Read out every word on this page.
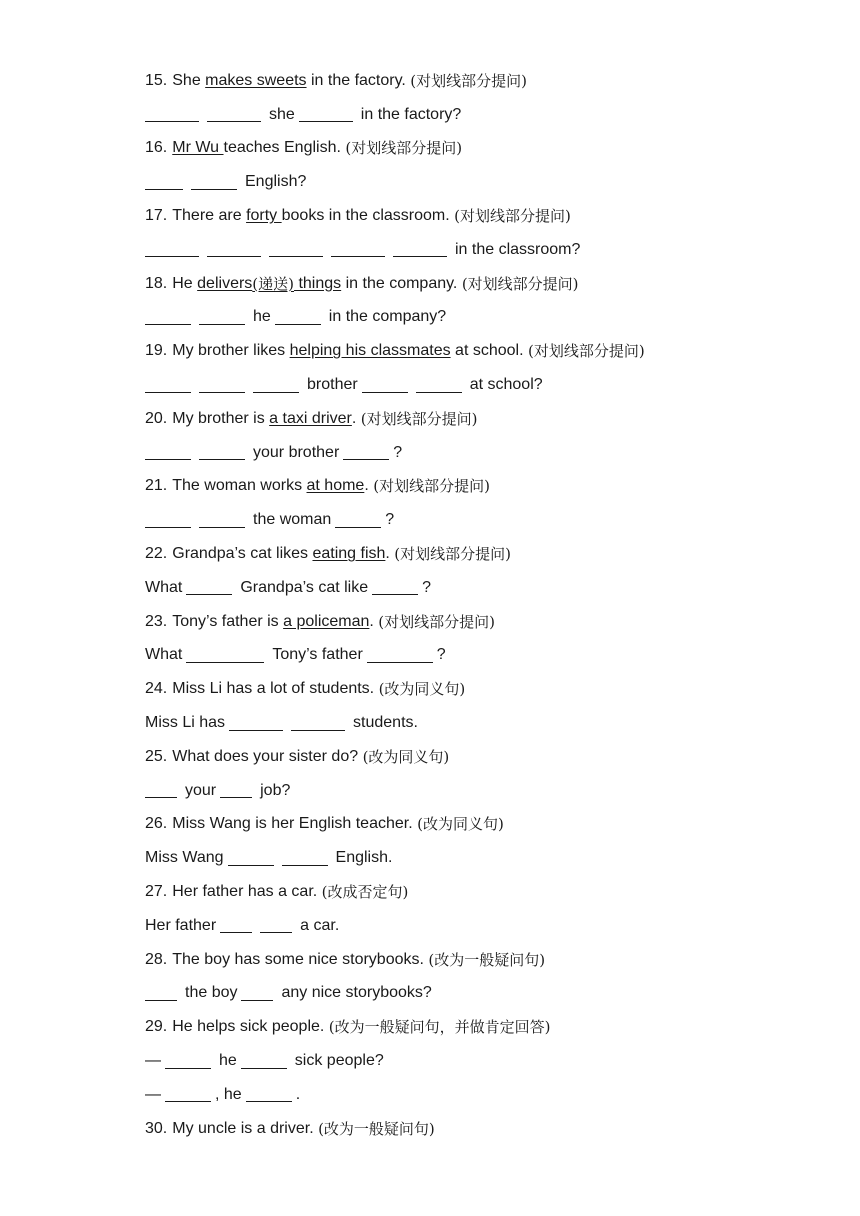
15. She makes sweets in the factory. (对划线部分提问)
she	in the factory?
16. Mr Wu teaches English. (对划线部分提问)
English?
17. There are forty books in the classroom. (对划线部分提问)
in the classroom?
18. He delivers (递送) things in the company. (对划线部分提问)
he	in the company?
19. My brother likes helping his classmates at school. (对划线部分提问)
brother	at school?
20. My brother is a taxi driver . (对划线部分提问)
your brother	?
21. The woman works at home . (对划线部分提问)
the woman	?
22. Grandpa’s cat likes eating fish . (对划线部分提问)
What	Grandpa’s cat like	?
23. Tony’s father is a policeman . (对划线部分提问)
What	Tony’s father	?
24. Miss Li has a lot of students. (改为同义句)
Miss Li has	students.
25. What does your sister do? (改为同义句)
your	job?
26. Miss Wang is her English teacher. (改为同义句)
Miss Wang	English.
27. Her father has a car. (改成否定句)
Her father	a car.
28. The boy has some nice storybooks. (改为一般疑问句)
the boy	any nice storybooks?
29. He helps sick people. (改为一般疑问句，并做肯定回答)
—	he	sick people?
—	, he	.
30. My uncle is a driver. (改为一般疑问句)
